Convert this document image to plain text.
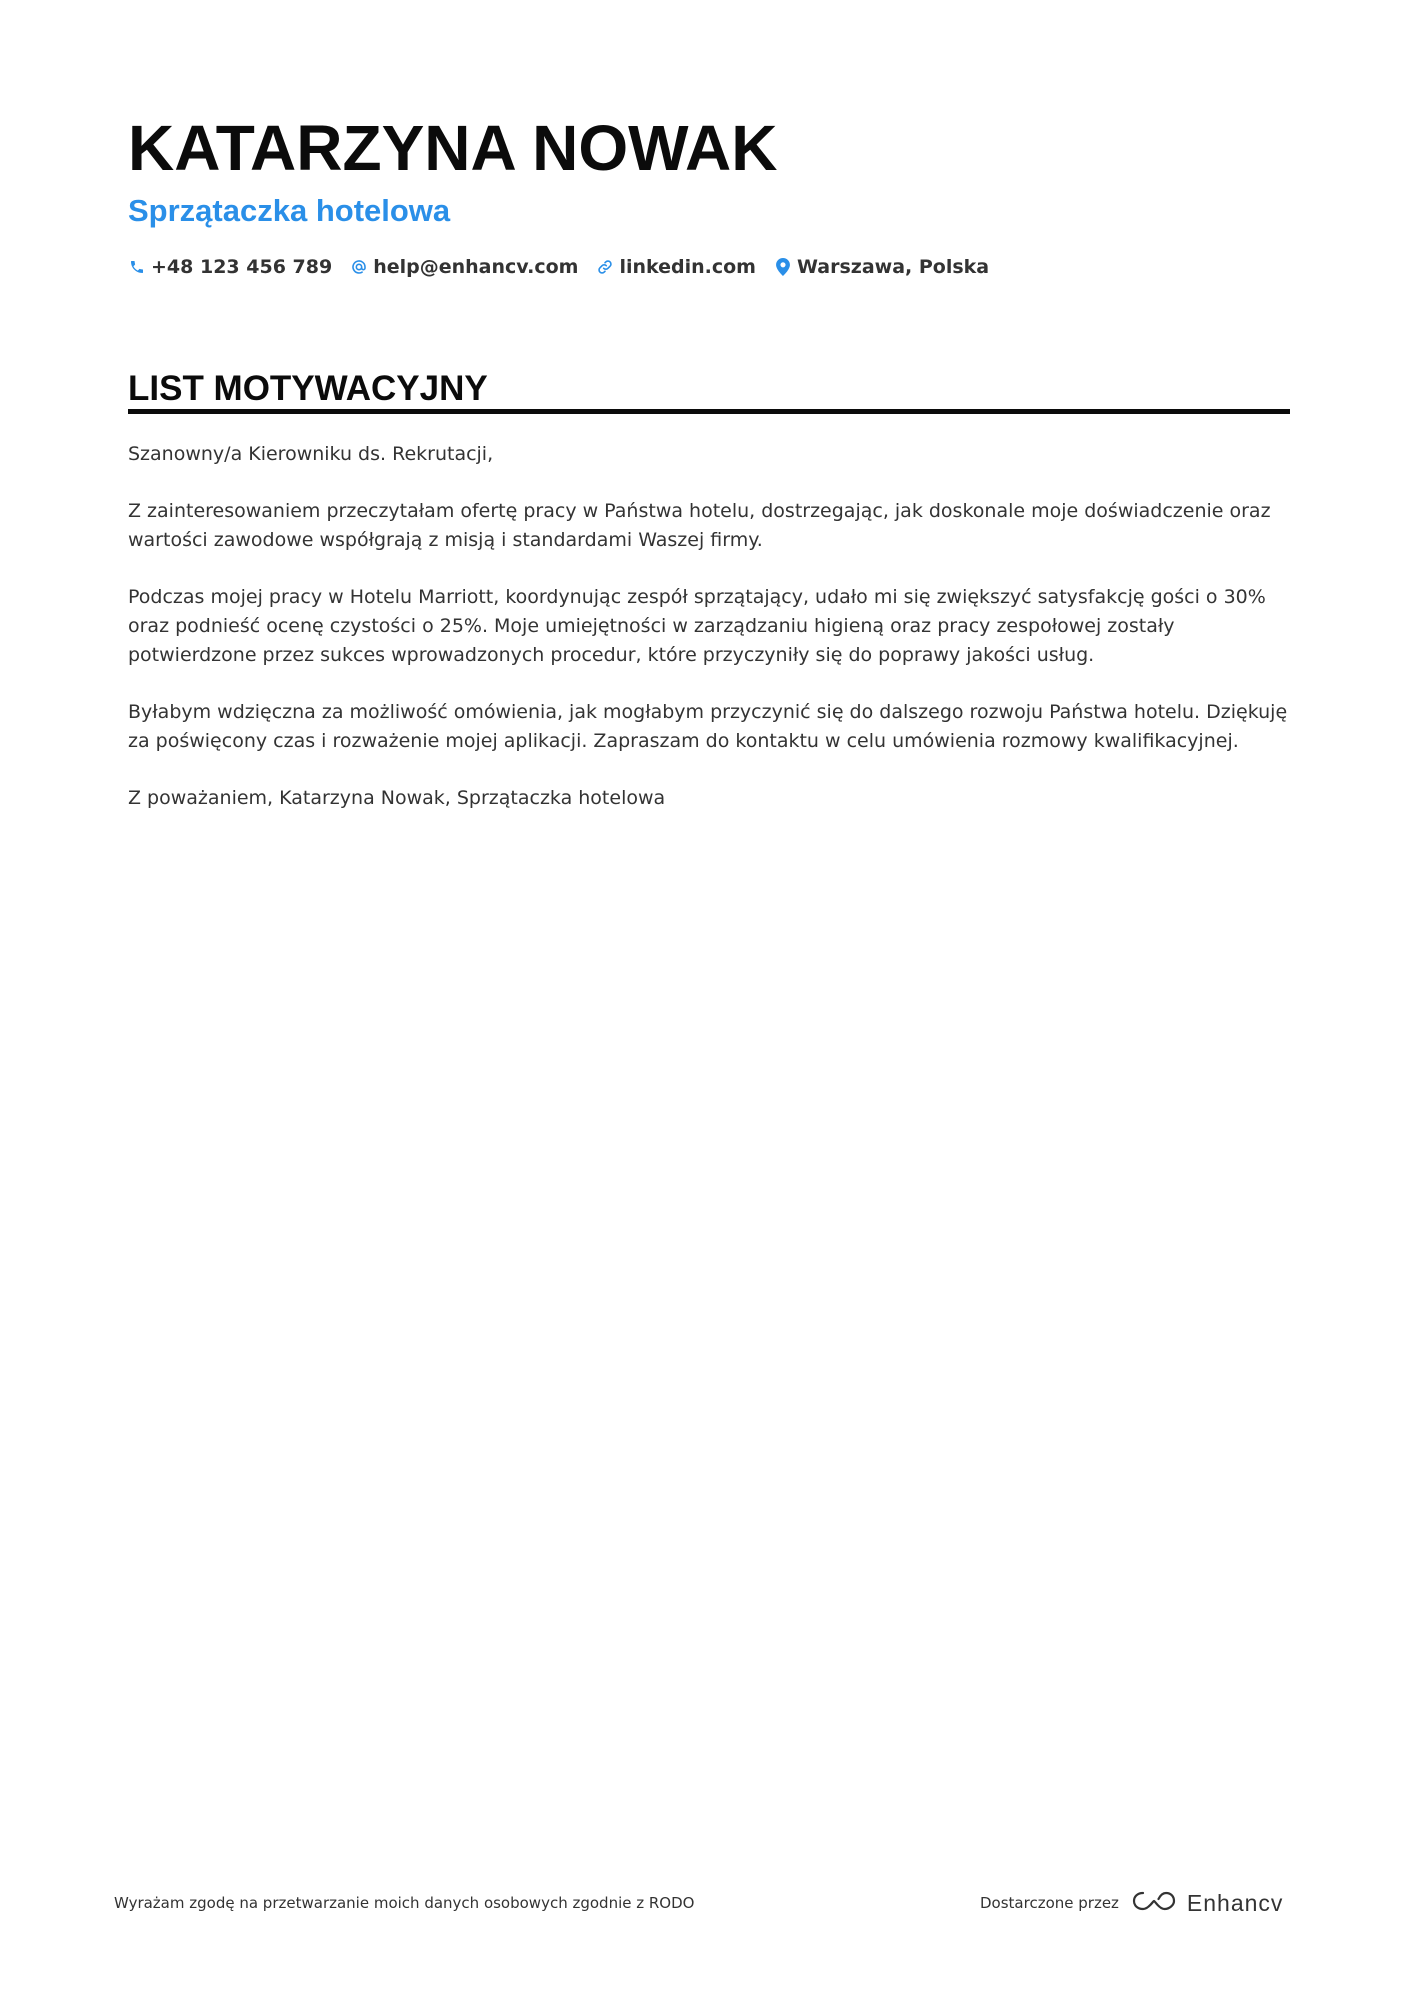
KATARZYNA NOWAK
Sprzątaczka hotelowa
+48 123 456 789 help@enhancv.com linkedin.com Warszawa, Polska
LIST MOTYWACYJNY

Szanowny/a Kierowniku ds. Rekrutacji,

Z zainteresowaniem przeczytałam ofertę pracy w Państwa hotelu, dostrzegając, jak doskonale moje doświadczenie oraz wartości zawodowe współgrają z misją i standardami Waszej firmy.

Podczas mojej pracy w Hotelu Marriott, koordynując zespół sprzątający, udało mi się zwiększyć satysfakcję gości o 30% oraz podnieść ocenę czystości o 25%. Moje umiejętności w zarządzaniu higieną oraz pracy zespołowej zostały potwierdzone przez sukces wprowadzonych procedur, które przyczyniły się do poprawy jakości usług.

Byłabym wdzięczna za możliwość omówienia, jak mogłabym przyczynić się do dalszego rozwoju Państwa hotelu. Dziękuję za poświęcony czas i rozważenie mojej aplikacji. Zapraszam do kontaktu w celu umówienia rozmowy kwalifikacyjnej.

Z poważaniem, Katarzyna Nowak, Sprzątaczka hotelowa

Wyrażam zgodę na przetwarzanie moich danych osobowych zgodnie z RODO	Dostarczone przez	Enhancv
